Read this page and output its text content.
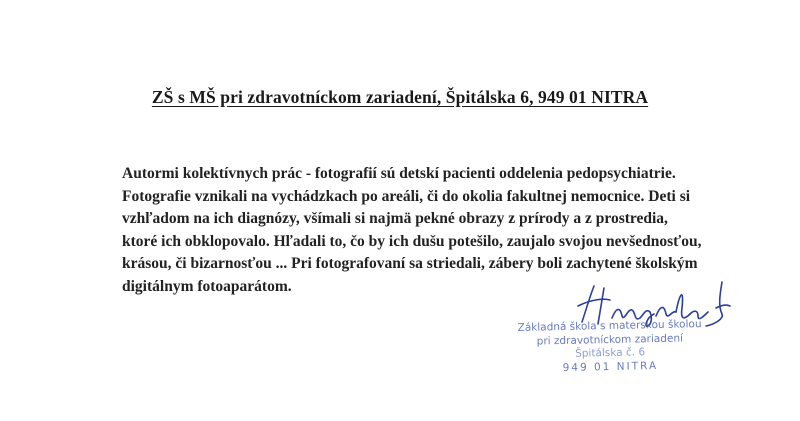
ZŠ s MŠ pri zdravotníckom zariadení, Špitálska 6, 949 01 NITRA
Autormi kolektívnych prác - fotografií sú detskí pacienti oddelenia pedopsychiatrie.
Fotografie vznikali na vychádzkach po areáli, či do okolia fakultnej nemocnice. Deti si
vzhľadom na ich diagnózy, všímali si najmä pekné obrazy z prírody a z prostredia,
ktoré ich obklopovalo. Hľadali to, čo by ich dušu potešilo, zaujalo svojou nevšednosťou,
krásou, či bizarnosťou ... Pri fotografovaní sa striedali, zábery boli zachytené školským
digitálnym fotoaparátom.
Základná škola s materskou školou
pri zdravotníckom zariadení
Špitálska č. 6
949 01 NITRA
